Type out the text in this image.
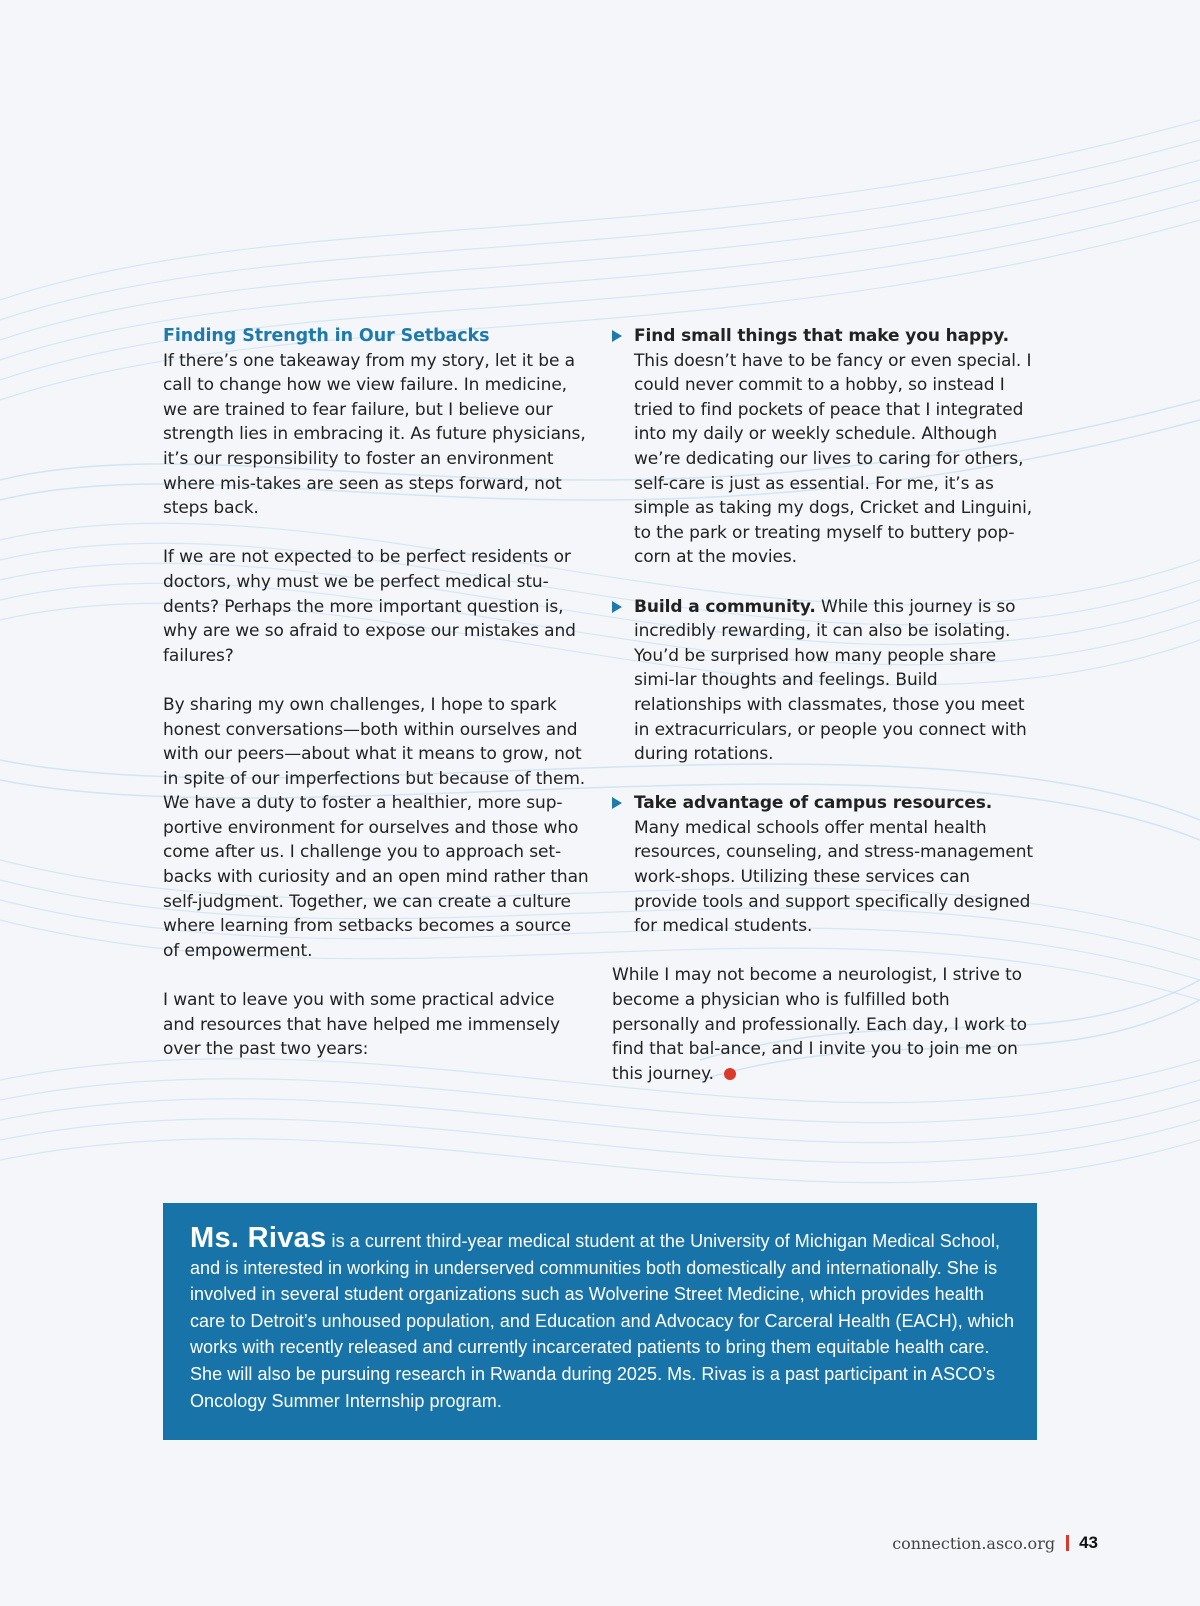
Finding Strength in Our Setbacks

If there’s one takeaway from my story, let it be a call to change how we view failure. In medicine, we are trained to fear failure, but I believe our strength lies in embracing it. As future physicians, it’s our responsibility to foster an environment where mis-takes are seen as steps forward, not steps back.

If we are not expected to be perfect residents or doctors, why must we be perfect medical stu-dents? Perhaps the more important question is, why are we so afraid to expose our mistakes and failures?

By sharing my own challenges, I hope to spark honest conversations—both within ourselves and with our peers—about what it means to grow, not in spite of our imperfections but because of them. We have a duty to foster a healthier, more sup-portive environment for ourselves and those who come after us. I challenge you to approach set-backs with curiosity and an open mind rather than self-judgment. Together, we can create a culture where learning from setbacks becomes a source of empowerment.

I want to leave you with some practical advice and resources that have helped me immensely over the past two years:

Find small things that make you happy. This doesn’t have to be fancy or even special. I could never commit to a hobby, so instead I tried to find pockets of peace that I integrated into my daily or weekly schedule. Although we’re dedicating our lives to caring for others, self-care is just as essential. For me, it’s as simple as taking my dogs, Cricket and Linguini, to the park or treating myself to buttery pop-corn at the movies.
Build a community. While this journey is so incredibly rewarding, it can also be isolating. You’d be surprised how many people share simi-lar thoughts and feelings. Build relationships with classmates, those you meet in extracurriculars, or people you connect with during rotations.
Take advantage of campus resources. Many medical schools offer mental health resources, counseling, and stress-management work-shops. Utilizing these services can provide tools and support specifically designed for medical students.

While I may not become a neurologist, I strive to become a physician who is fulfilled both personally and professionally. Each day, I work to find that bal-ance, and I invite you to join me on this journey.

Ms. Rivas is a current third-year medical student at the University of Michigan Medical School, and is interested in working in underserved communities both domestically and internationally. She is involved in several student organizations such as Wolverine Street Medicine, which provides health care to Detroit’s unhoused population, and Education and Advocacy for Carceral Health (EACH), which works with recently released and currently incarcerated patients to bring them equitable health care. She will also be pursuing research in Rwanda during 2025. Ms. Rivas is a past participant in ASCO’s Oncology Summer Internship program.
connection.asco.org 43
